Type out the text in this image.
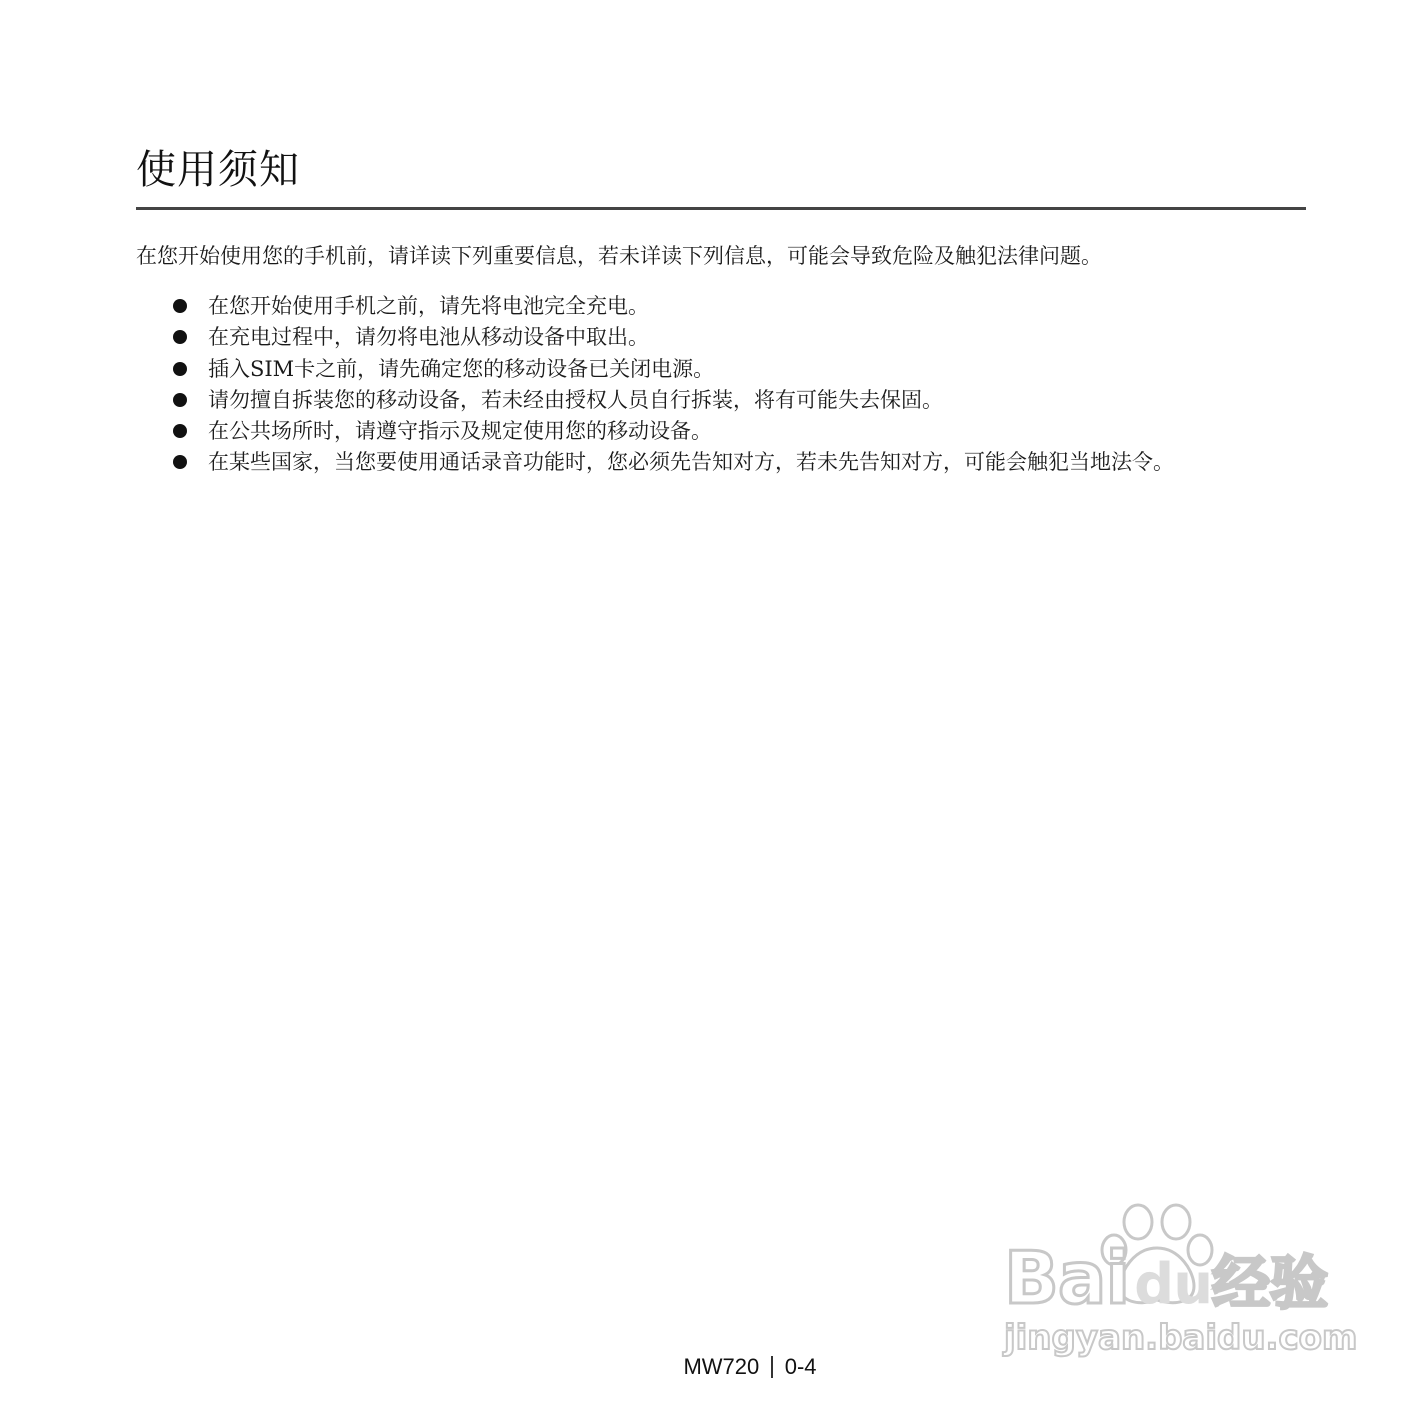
使用须知

在您开始使用您的手机前，请详读下列重要信息，若未详读下列信息，可能会导致危险及触犯法律问题。

在您开始使用手机之前，请先将电池完全充电。
在充电过程中，请勿将电池从移动设备中取出。
插入SIM卡之前，请先确定您的移动设备已关闭电源。
请勿擅自拆装您的移动设备，若未经由授权人员自行拆装，将有可能失去保固。
在公共场所时，请遵守指示及规定使用您的移动设备。
在某些国家，当您要使用通话录音功能时，您必须先告知对方，若未先告知对方，可能会触犯当地法令。
Baidu 经验
jingyan.baidu.com
MW720 0-4
